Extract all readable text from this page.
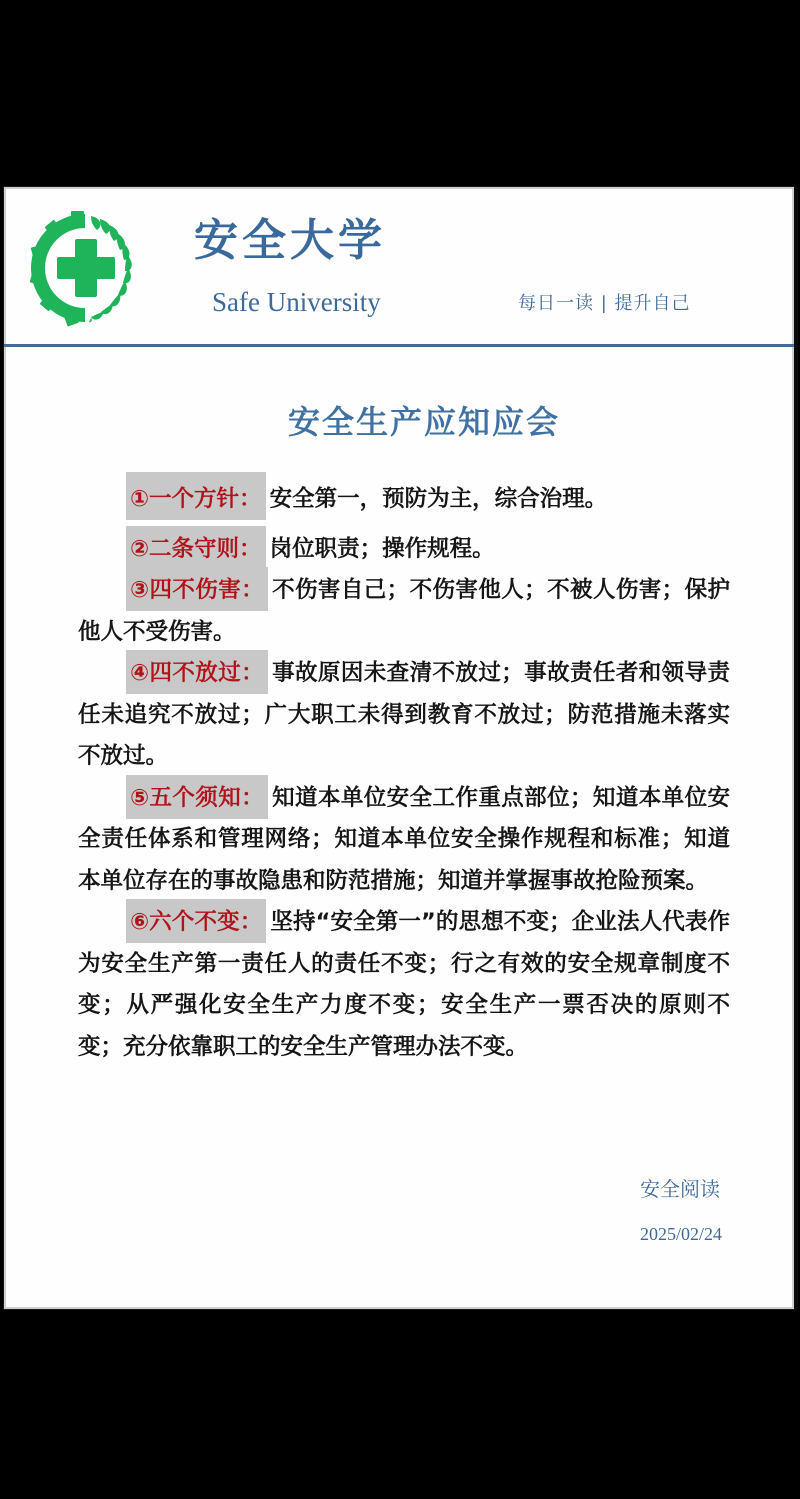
安全大学
Safe University	每日一读 | 提升自己
安全生产应知应会

①一个方针： 安全第一，预防为主，综合治理。

②二条守则： 岗位职责；操作规程。

③四不伤害： 不伤害自己；不伤害他人；不被人伤害；保护他人不受伤害。

④四不放过： 事故原因未查清不放过；事故责任者和领导责任未追究不放过；广大职工未得到教育不放过；防范措施未落实不放过。

⑤五个须知： 知道本单位安全工作重点部位；知道本单位安全责任体系和管理网络；知道本单位安全操作规程和标准；知道本单位存在的事故隐患和防范措施；知道并掌握事故抢险预案。

⑥六个不变： 坚持“安全第一”的思想不变；企业法人代表作为安全生产第一责任人的责任不变；行之有效的安全规章制度不变；从严强化安全生产力度不变；安全生产一票否决的原则不变；充分依靠职工的安全生产管理办法不变。

安全阅读
2025/02/24
